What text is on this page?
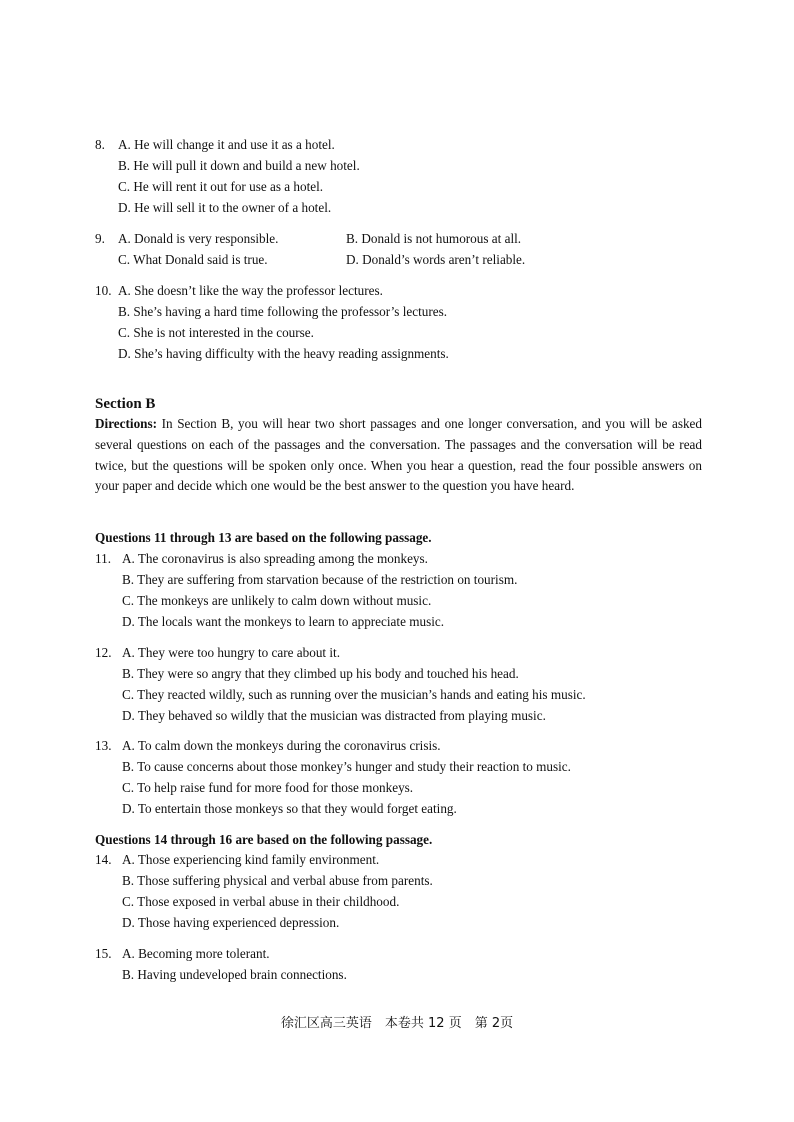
8. A. He will change it and use it as a hotel.
B. He will pull it down and build a new hotel.
C. He will rent it out for use as a hotel.
D. He will sell it to the owner of a hotel.
9. A. Donald is very responsible.	B. Donald is not humorous at all.
C. What Donald said is true.	D. Donald’s words aren’t reliable.
10. A. She doesn’t like the way the professor lectures.
B. She’s having a hard time following the professor’s lectures.
C. She is not interested in the course.
D. She’s having difficulty with the heavy reading assignments.
Section B
Directions: In Section B, you will hear two short passages and one longer conversation, and you will be asked several questions on each of the passages and the conversation. The passages and the conversation will be read twice, but the questions will be spoken only once. When you hear a question, read the four possible answers on your paper and decide which one would be the best answer to the question you have heard.
Questions 11 through 13 are based on the following passage.
11. A. The coronavirus is also spreading among the monkeys.
B. They are suffering from starvation because of the restriction on tourism.
C. The monkeys are unlikely to calm down without music.
D. The locals want the monkeys to learn to appreciate music.
12. A. They were too hungry to care about it.
B. They were so angry that they climbed up his body and touched his head.
C. They reacted wildly, such as running over the musician’s hands and eating his music.
D. They behaved so wildly that the musician was distracted from playing music.
13. A. To calm down the monkeys during the coronavirus crisis.
B. To cause concerns about those monkey’s hunger and study their reaction to music.
C. To help raise fund for more food for those monkeys.
D. To entertain those monkeys so that they would forget eating.
Questions 14 through 16 are based on the following passage.
14. A. Those experiencing kind family environment.
B. Those suffering physical and verbal abuse from parents.
C. Those exposed in verbal abuse in their childhood.
D. Those having experienced depression.
15. A. Becoming more tolerant.
B. Having undeveloped brain connections.
徐汇区高三英语　本卷共 12 页　第 2页
